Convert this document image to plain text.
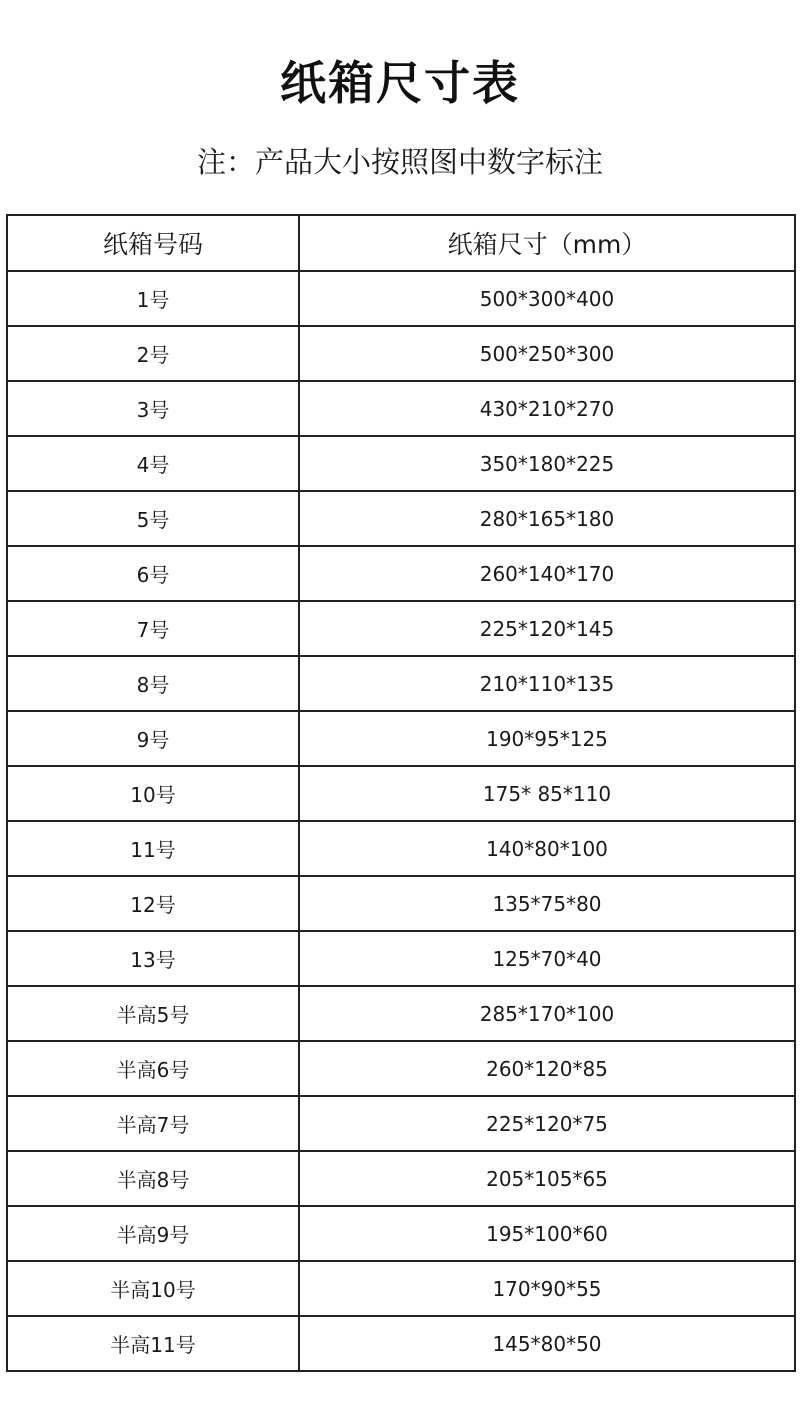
纸箱尺寸表
注：产品大小按照图中数字标注
纸箱号码	纸箱尺寸（mm）
1号	500*300*400
2号	500*250*300
3号	430*210*270
4号	350*180*225
5号	280*165*180
6号	260*140*170
7号	225*120*145
8号	210*110*135
9号	190*95*125
10号	175* 85*110
11号	140*80*100
12号	135*75*80
13号	125*70*40
半高5号	285*170*100
半高6号	260*120*85
半高7号	225*120*75
半高8号	205*105*65
半高9号	195*100*60
半高10号	170*90*55
半高11号	145*80*50
